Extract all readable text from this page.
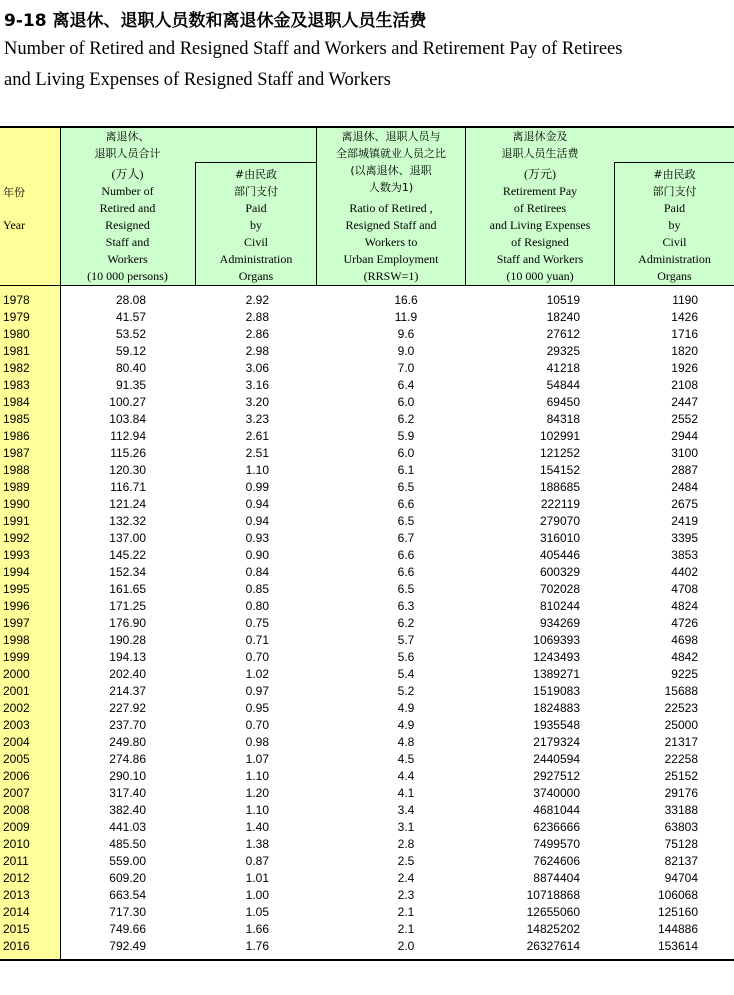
9-18 离退休、退职人员数和离退休金及退职人员生活费
Number of Retired and Resigned Staff and Workers and Retirement Pay of Retirees
and Living Expenses of Resigned Staff and Workers
年份
Year
离退休、
退职人员合计
(万人)
Number of
Retired and
Resigned
Staff and
Workers
(10 000 persons)
#由民政
部门支付
Paid
by
Civil
Administration
Organs
离退休、退职人员与
全部城镇就业人员之比
(以离退休、退职
人数为1)
Ratio of Retired ,
Resigned Staff and
Workers to
Urban Employment
(RRSW=1)
离退休金及
退职人员生活费
(万元)
Retirement Pay
of Retirees
and Living Expenses
of Resigned
Staff and Workers
(10 000 yuan)
#由民政
部门支付
Paid
by
Civil
Administration
Organs
1978	28.08	2.92	16.6	10519	1190
1979	41.57	2.88	11.9	18240	1426
1980	53.52	2.86	9.6	27612	1716
1981	59.12	2.98	9.0	29325	1820
1982	80.40	3.06	7.0	41218	1926
1983	91.35	3.16	6.4	54844	2108
1984	100.27	3.20	6.0	69450	2447
1985	103.84	3.23	6.2	84318	2552
1986	112.94	2.61	5.9	102991	2944
1987	115.26	2.51	6.0	121252	3100
1988	120.30	1.10	6.1	154152	2887
1989	116.71	0.99	6.5	188685	2484
1990	121.24	0.94	6.6	222119	2675
1991	132.32	0.94	6.5	279070	2419
1992	137.00	0.93	6.7	316010	3395
1993	145.22	0.90	6.6	405446	3853
1994	152.34	0.84	6.6	600329	4402
1995	161.65	0.85	6.5	702028	4708
1996	171.25	0.80	6.3	810244	4824
1997	176.90	0.75	6.2	934269	4726
1998	190.28	0.71	5.7	1069393	4698
1999	194.13	0.70	5.6	1243493	4842
2000	202.40	1.02	5.4	1389271	9225
2001	214.37	0.97	5.2	1519083	15688
2002	227.92	0.95	4.9	1824883	22523
2003	237.70	0.70	4.9	1935548	25000
2004	249.80	0.98	4.8	2179324	21317
2005	274.86	1.07	4.5	2440594	22258
2006	290.10	1.10	4.4	2927512	25152
2007	317.40	1.20	4.1	3740000	29176
2008	382.40	1.10	3.4	4681044	33188
2009	441.03	1.40	3.1	6236666	63803
2010	485.50	1.38	2.8	7499570	75128
2011	559.00	0.87	2.5	7624606	82137
2012	609.20	1.01	2.4	8874404	94704
2013	663.54	1.00	2.3	10718868	106068
2014	717.30	1.05	2.1	12655060	125160
2015	749.66	1.66	2.1	14825202	144886
2016	792.49	1.76	2.0	26327614	153614
